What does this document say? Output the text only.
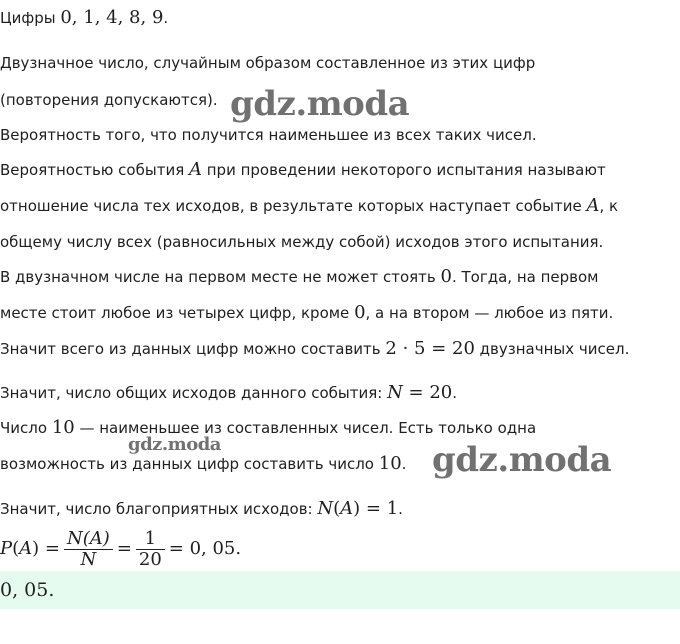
Цифры 0, 1, 4, 8, 9.
Двузначное число, случайным образом составленное из этих цифр
(повторения допускаются).
Вероятность того, что получится наименьшее из всех таких чисел.
Вероятностью события A при проведении некоторого испытания называют
отношение числа тех исходов, в результате которых наступает событие A, к
общему числу всех (равносильных между собой) исходов этого испытания.
В двузначном числе на первом месте не может стоять 0. Тогда, на первом
месте стоит любое из четырех цифр, кроме 0, а на втором — любое из пяти.
Значит всего из данных цифр можно составить 2 · 5 = 20 двузначных чисел.
Значит, число общих исходов данного события: N = 20.
Число 10 — наименьшее из составленных чисел. Есть только одна
возможность из данных цифр составить число 10.
Значит, число благоприятных исходов: N(A) = 1.
$P(A) = \frac{N(A)}{N} = \frac{1}{20} = 0$, 05.
0, 05.
gdz.moda
gdz.moda	gdz.moda
